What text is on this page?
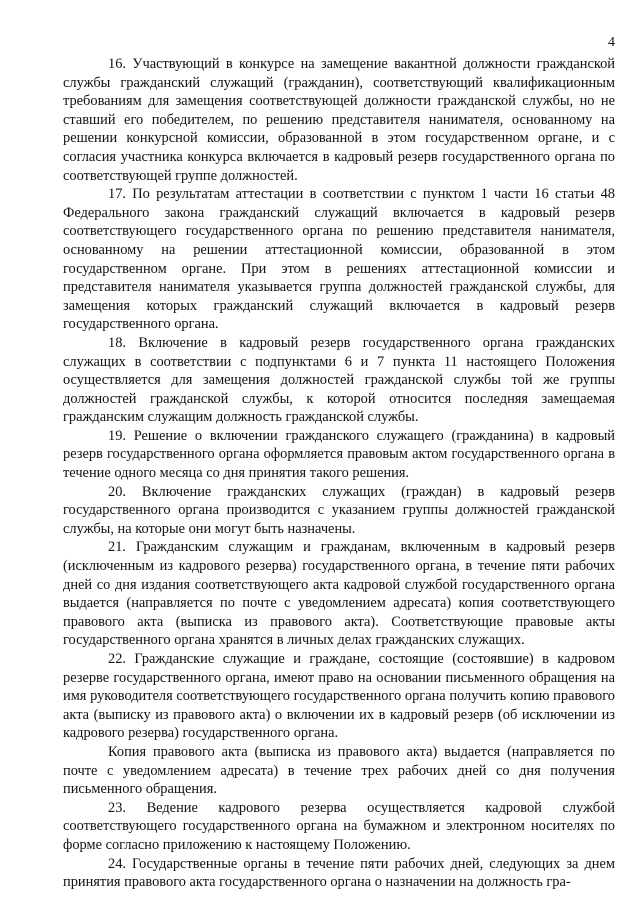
4

16. Участвующий в конкурсе на замещение вакантной должности гражданской службы гражданский служащий (гражданин), соответствующий квалификационным требованиям для замещения соответствующей должности гражданской службы, но не ставший его победителем, по решению представителя нанимателя, основанному на решении конкурсной комиссии, образованной в этом государственном органе, и с согласия участника конкурса включается в кадровый резерв государственного органа по соответствующей группе должностей.

17. По результатам аттестации в соответствии с пунктом 1 части 16 статьи 48 Федерального закона гражданский служащий включается в кадровый резерв соответствующего государственного органа по решению представителя нанимателя, основанному на решении аттестационной комиссии, образованной в этом государственном органе. При этом в решениях аттестационной комиссии и представителя нанимателя указывается группа должностей гражданской службы, для замещения которых гражданский служащий включается в кадровый резерв государственного органа.

18. Включение в кадровый резерв государственного органа гражданских служащих в соответствии с подпунктами 6 и 7 пункта 11 настоящего Положения осуществляется для замещения должностей гражданской службы той же группы должностей гражданской службы, к которой относится последняя замещаемая гражданским служащим должность гражданской службы.

19. Решение о включении гражданского служащего (гражданина) в кадровый резерв государственного органа оформляется правовым актом государственного органа в течение одного месяца со дня принятия такого решения.

20. Включение гражданских служащих (граждан) в кадровый резерв государственного органа производится с указанием группы должностей гражданской службы, на которые они могут быть назначены.

21. Гражданским служащим и гражданам, включенным в кадровый резерв (исключенным из кадрового резерва) государственного органа, в течение пяти рабочих дней со дня издания соответствующего акта кадровой службой государственного органа выдается (направляется по почте с уведомлением адресата) копия соответствующего правового акта (выписка из правового акта). Соответствующие правовые акты государственного органа хранятся в личных делах гражданских служащих.

22. Гражданские служащие и граждане, состоящие (состоявшие) в кадровом резерве государственного органа, имеют право на основании письменного обращения на имя руководителя соответствующего государственного органа получить копию правового акта (выписку из правового акта) о включении их в кадровый резерв (об исключении из кадрового резерва) государственного органа.

Копия правового акта (выписка из правового акта) выдается (направляется по почте с уведомлением адресата) в течение трех рабочих дней со дня получения письменного обращения.

23. Ведение кадрового резерва осуществляется кадровой службой соответствующего государственного органа на бумажном и электронном носителях по форме согласно приложению к настоящему Положению.

24. Государственные органы в течение пяти рабочих дней, следующих за днем принятия правового акта государственного органа о назначении на должность гра-
